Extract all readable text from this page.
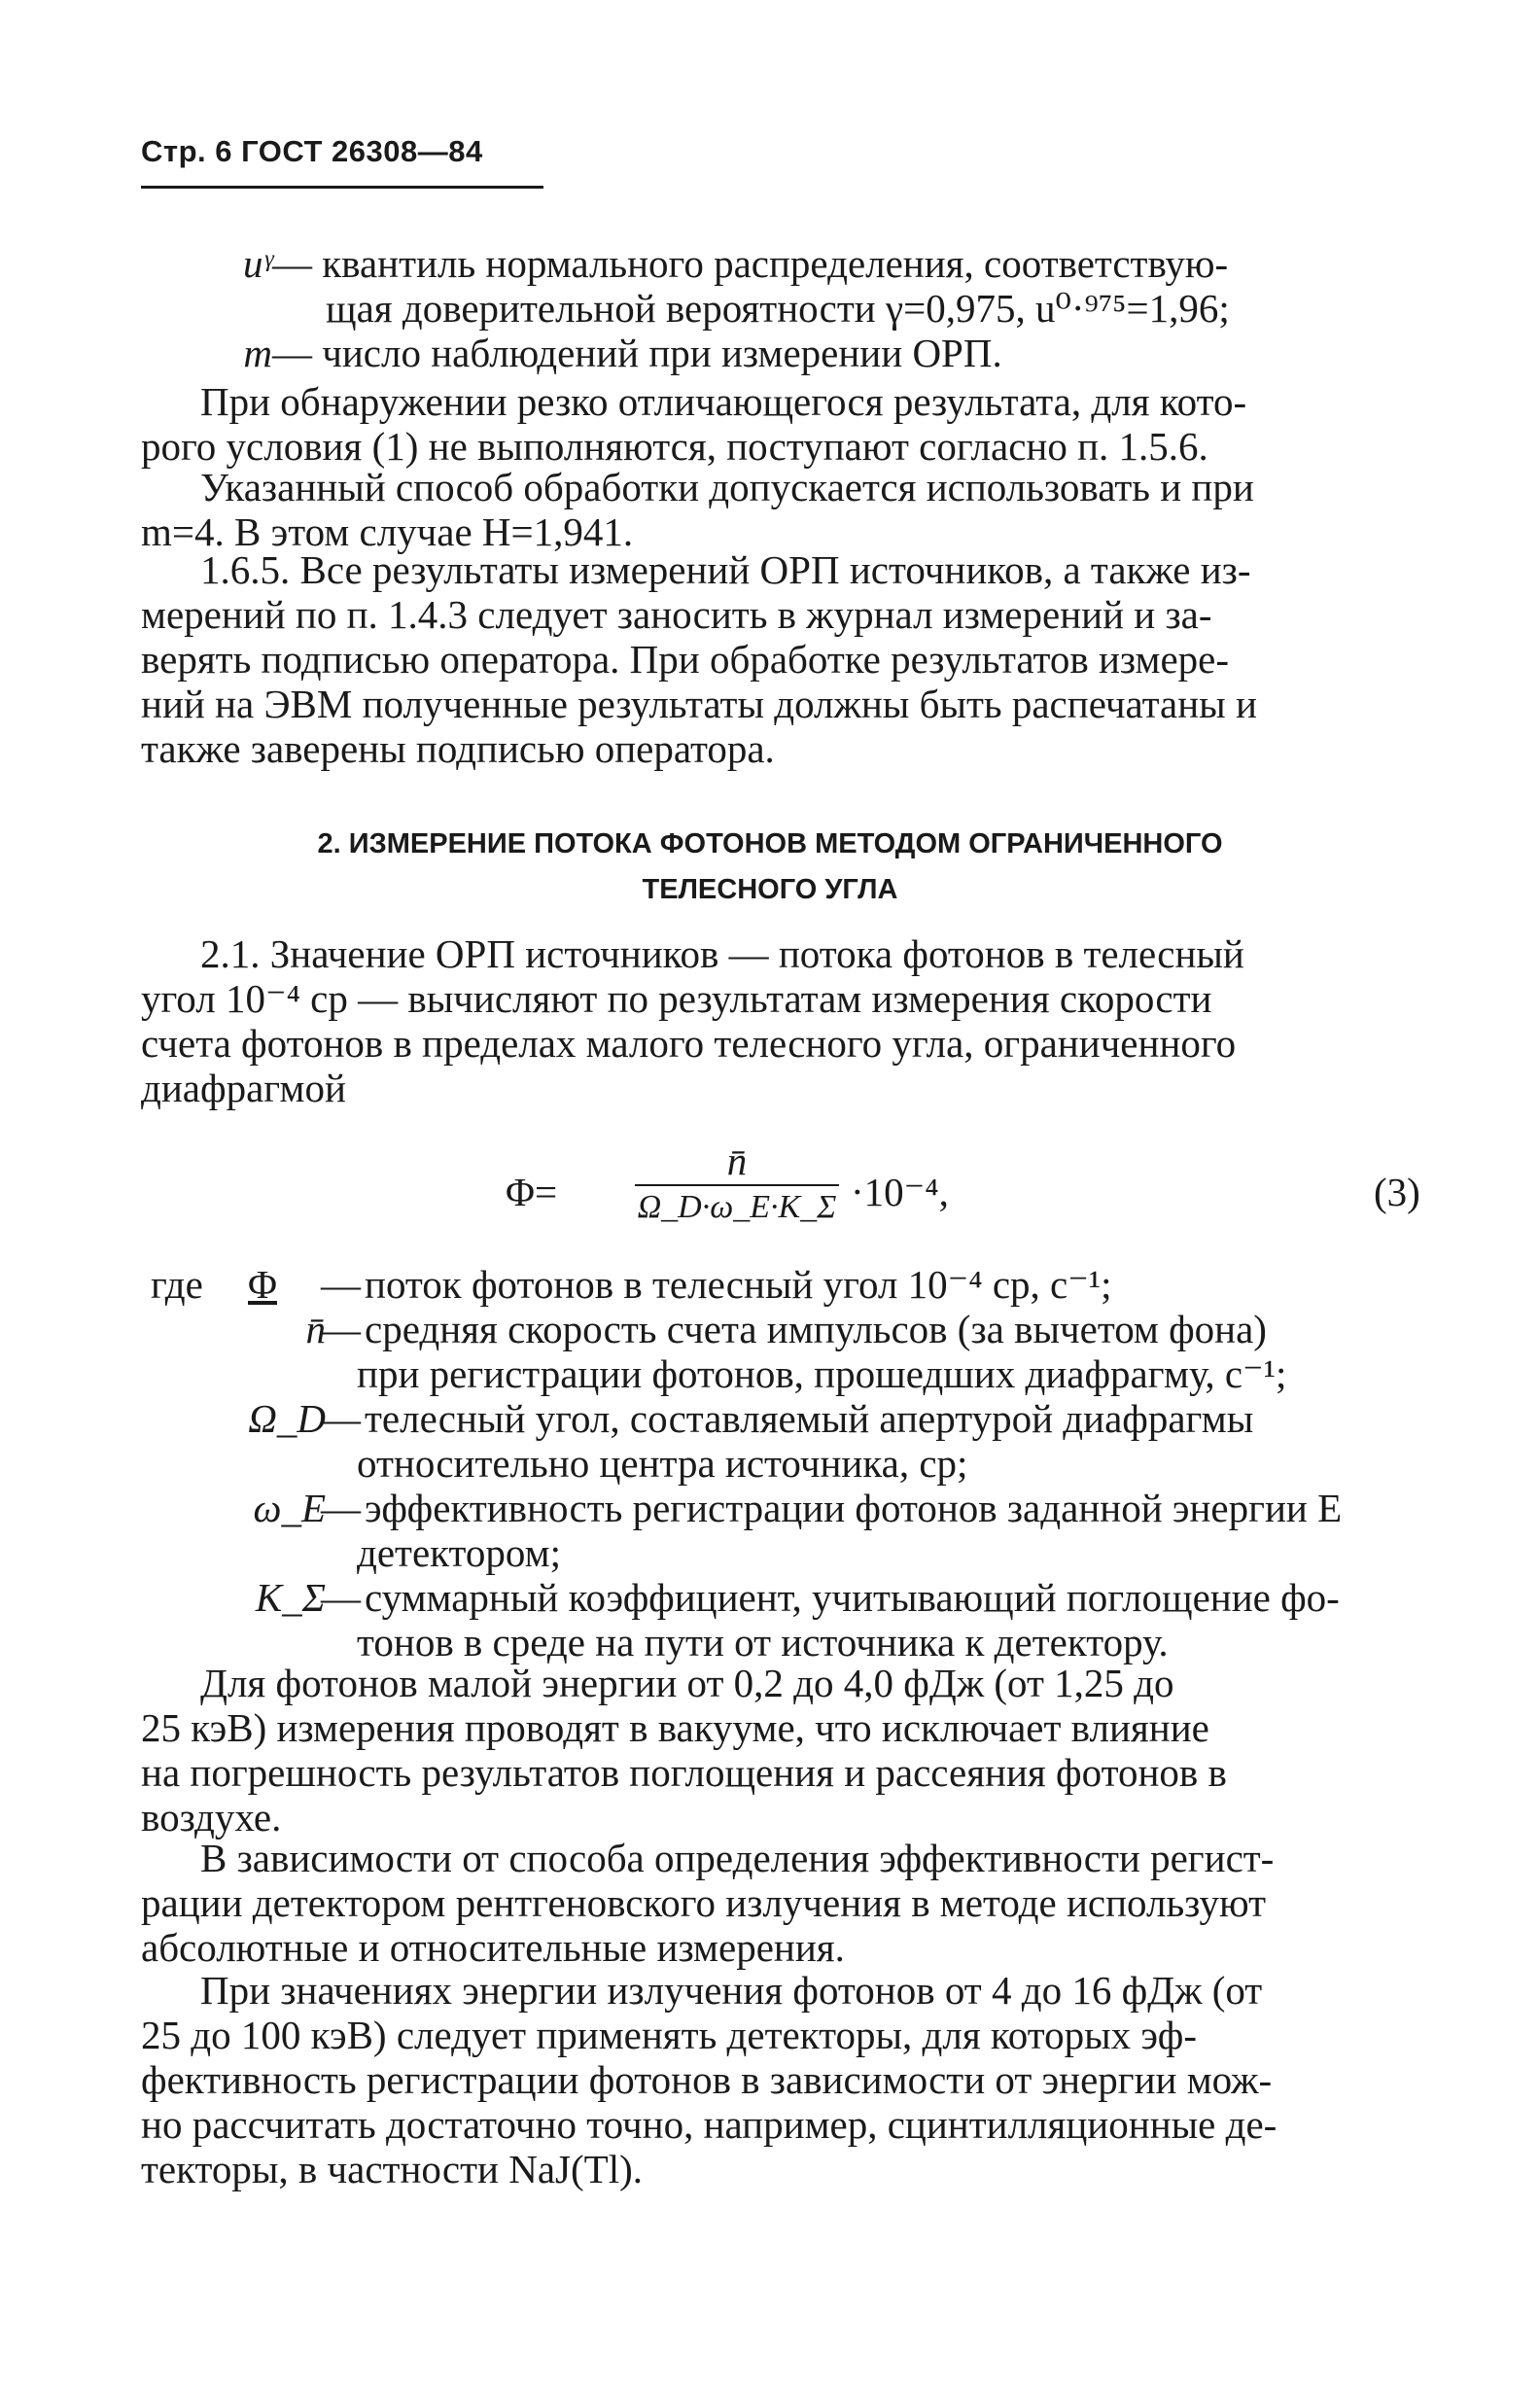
Стр. 6 ГОСТ 26308—84
uᵞ— квантиль нормального распределения, соответствую-
щая доверительной вероятности γ=0,975, u⁰·⁹⁷⁵=1,96;
m— число наблюдений при измерении ОРП.
При обнаружении резко отличающегося результата, для кото-
рого условия (1) не выполняются, поступают согласно п. 1.5.6.
Указанный способ обработки допускается использовать и при
m=4. В этом случае H=1,941.
1.6.5. Все результаты измерений ОРП источников, а также из-
мерений по п. 1.4.3 следует заносить в журнал измерений и за-
верять подписью оператора. При обработке результатов измере-
ний на ЭВМ полученные результаты должны быть распечатаны и
также заверены подписью оператора.
2. ИЗМЕРЕНИЕ ПОТОКА ФОТОНОВ МЕТОДОМ ОГРАНИЧЕННОГО
ТЕЛЕСНОГО УГЛА
2.1. Значение ОРП источников — потока фотонов в телесный
угол 10⁻⁴ ср — вычисляют по результатам измерения скорости
счета фотонов в пределах малого телесного угла, ограниченного
диафрагмой
Φ=
n̄
Ω_D·ω_E·K_Σ ·10⁻⁴,	(3)
где Φ	— поток фотонов в телесный угол 10⁻⁴ ср, с⁻¹;
n̄
— средняя скорость счета импульсов (за вычетом фона)
при регистрации фотонов, прошедших диафрагму, с⁻¹;
Ω_D
— телесный угол, составляемый апертурой диафрагмы
относительно центра источника, ср;
ω_E
— эффективность регистрации фотонов заданной энергии E
детектором;
K_Σ
— суммарный коэффициент, учитывающий поглощение фо-
тонов в среде на пути от источника к детектору.
Для фотонов малой энергии от 0,2 до 4,0 фДж (от 1,25 до
25 кэВ) измерения проводят в вакууме, что исключает влияние
на погрешность результатов поглощения и рассеяния фотонов в
воздухе.
В зависимости от способа определения эффективности регист-
рации детектором рентгеновского излучения в методе используют
абсолютные и относительные измерения.
При значениях энергии излучения фотонов от 4 до 16 фДж (от
25 до 100 кэВ) следует применять детекторы, для которых эф-
фективность регистрации фотонов в зависимости от энергии мож-
но рассчитать достаточно точно, например, сцинтилляционные де-
текторы, в частности NaJ(Tl).
